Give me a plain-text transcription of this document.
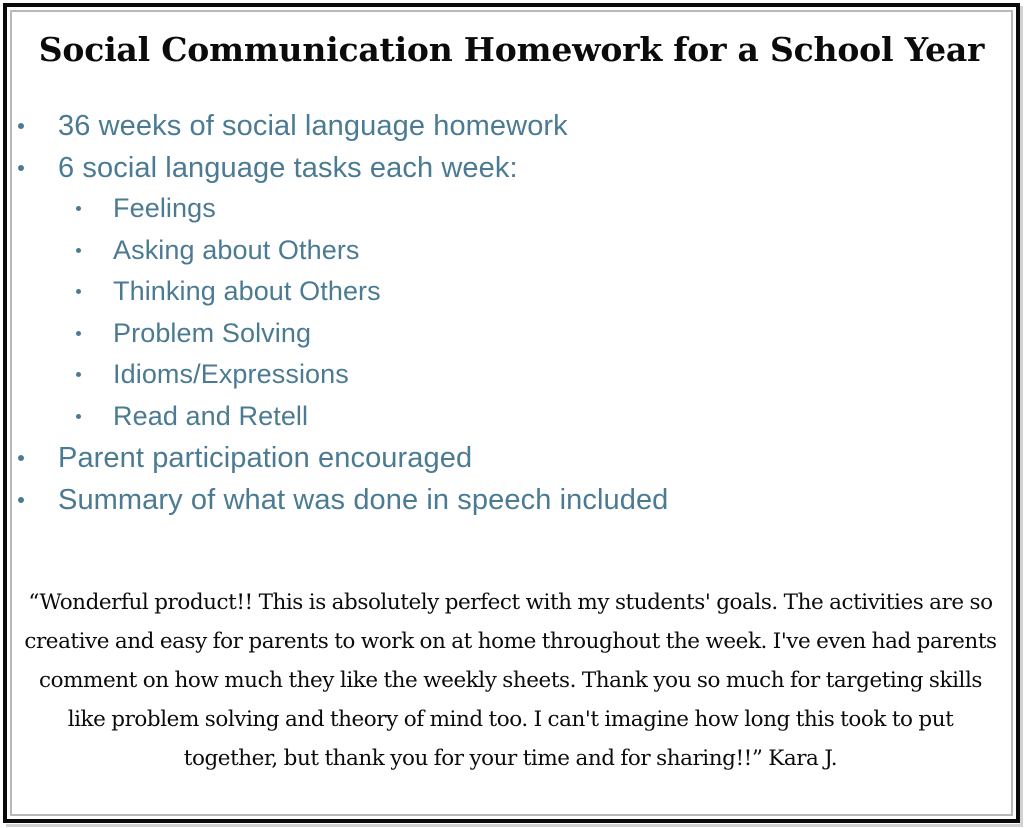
Social Communication Homework for a School Year
36 weeks of social language homework
6 social language tasks each week:
Feelings
Asking about Others
Thinking about Others
Problem Solving
Idioms/Expressions
Read and Retell
Parent participation encouraged
Summary of what was done in speech included
“Wonderful product!! This is absolutely perfect with my students' goals. The activities are so creative and easy for parents to work on at home throughout the week. I've even had parents comment on how much they like the weekly sheets. Thank you so much for targeting skills like problem solving and theory of mind too. I can't imagine how long this took to put together, but thank you for your time and for sharing!!” Kara J.
